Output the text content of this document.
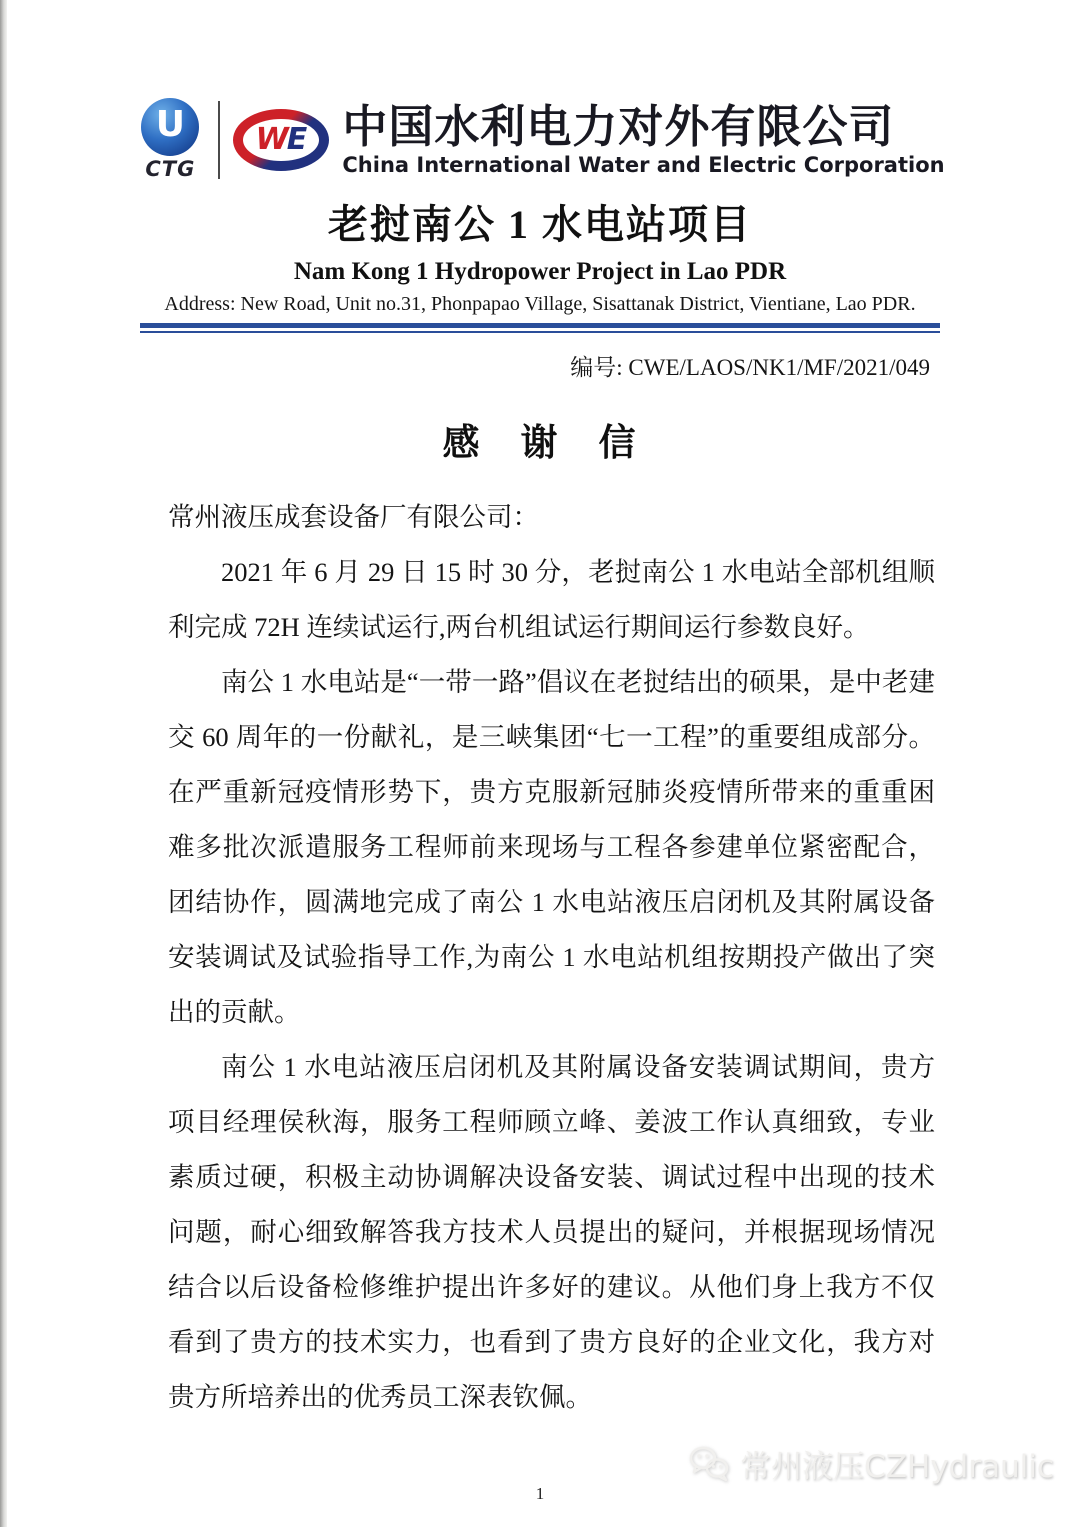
U
CTG
W E 中国水利电力对外有限公司
China International Water and Electric Corporation
老挝南公 1 水电站项目
Nam Kong 1 Hydropower Project in Lao PDR
Address: New Road, Unit no.31, Phonpapao Village, Sisattanak District, Vientiane, Lao PDR.
编号: CWE/LAOS/NK1/MF/2021/049
感　谢　信

常州液压成套设备厂有限公司：

2021 年 6 月 29 日 15 时 30 分，老挝南公 1 水电站全部机组顺利完成 72H 连续试运行,两台机组试运行期间运行参数良好。

南公 1 水电站是“一带一路”倡议在老挝结出的硕果，是中老建交 60 周年的一份献礼，是三峡集团“七一工程”的重要组成部分。在严重新冠疫情形势下，贵方克服新冠肺炎疫情所带来的重重困难多批次派遣服务工程师前来现场与工程各参建单位紧密配合，团结协作，圆满地完成了南公 1 水电站液压启闭机及其附属设备安装调试及试验指导工作,为南公 1 水电站机组按期投产做出了突出的贡献。

南公 1 水电站液压启闭机及其附属设备安装调试期间，贵方项目经理侯秋海，服务工程师顾立峰、姜波工作认真细致，专业素质过硬，积极主动协调解决设备安装、调试过程中出现的技术问题，耐心细致解答我方技术人员提出的疑问，并根据现场情况结合以后设备检修维护提出许多好的建议。从他们身上我方不仅看到了贵方的技术实力，也看到了贵方良好的企业文化，我方对贵方所培养出的优秀员工深表钦佩。

常州液压CZHydraulic
1
